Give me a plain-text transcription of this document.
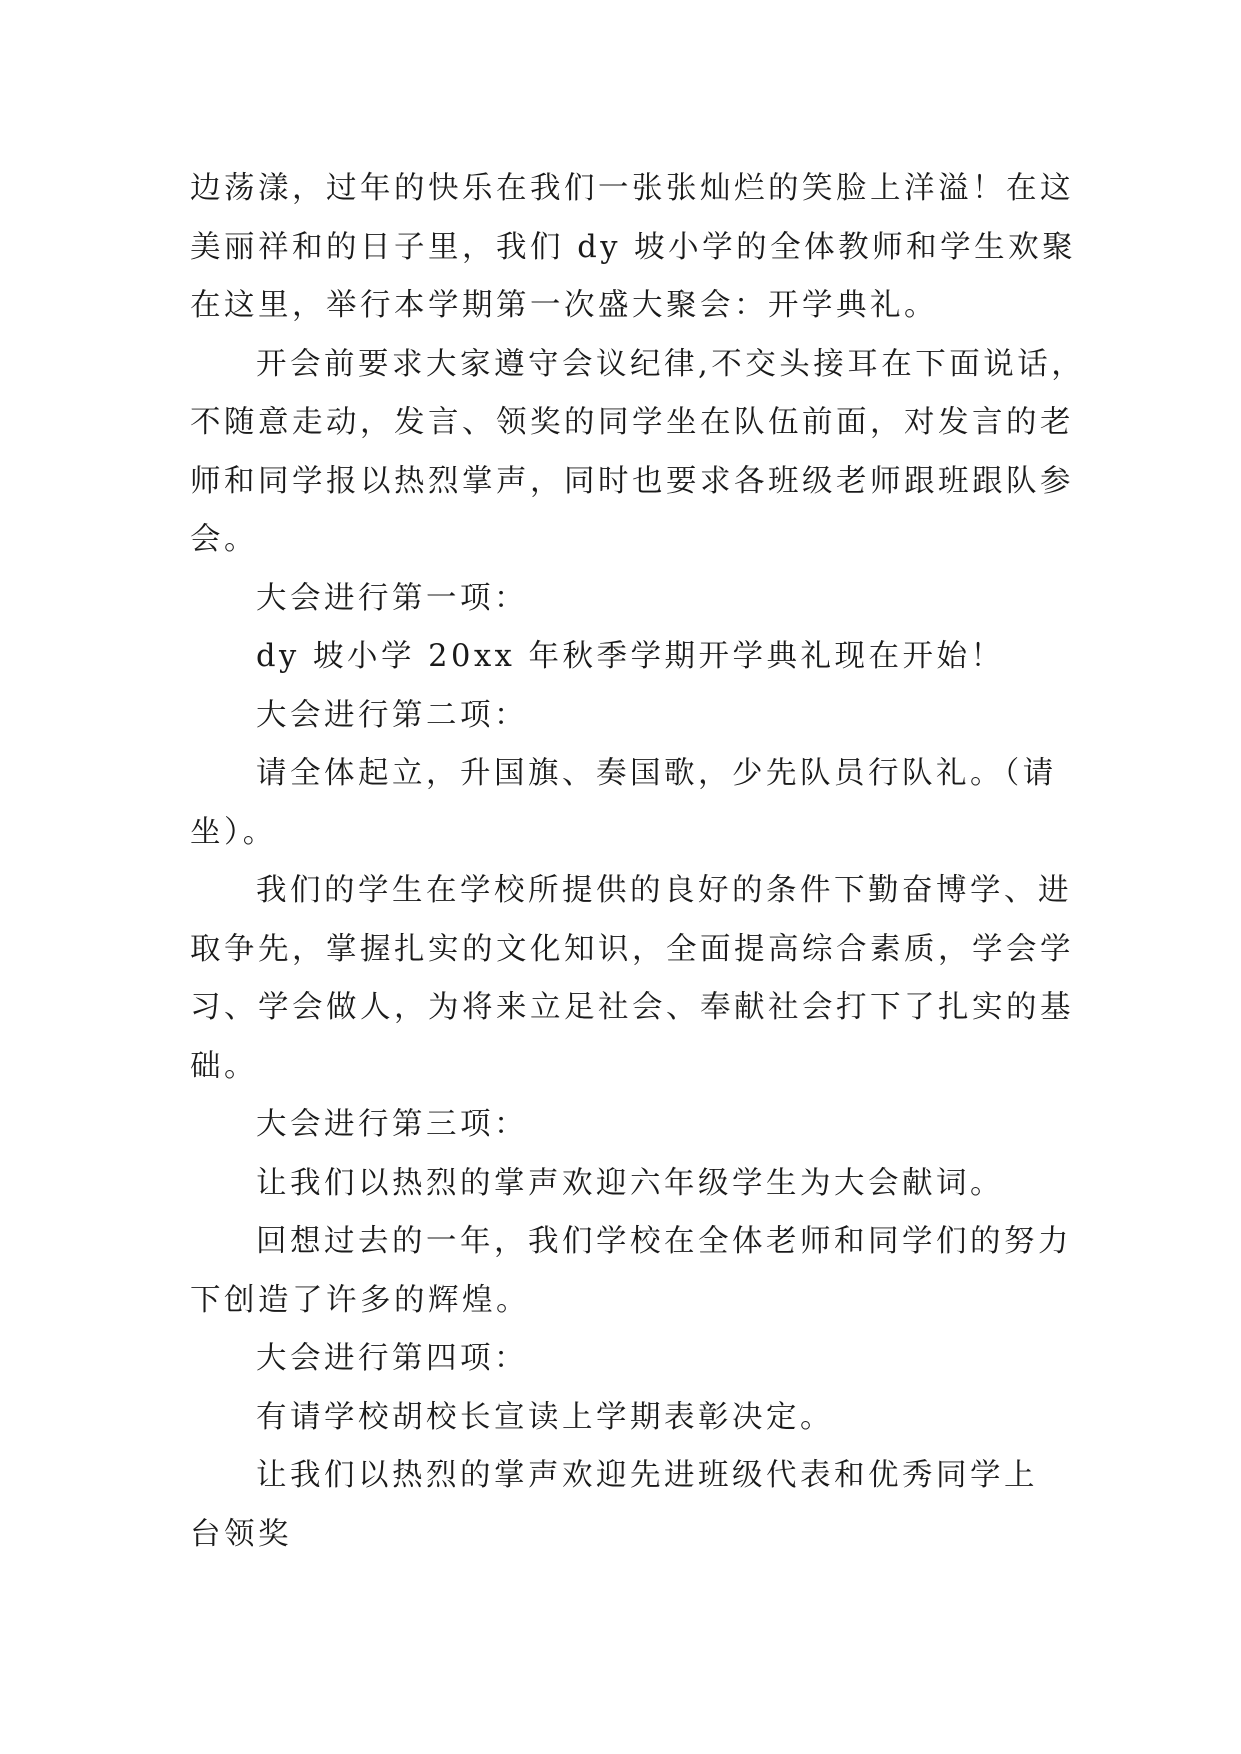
边荡漾，过年的快乐在我们一张张灿烂的笑脸上洋溢！在这
美丽祥和的日子里，我们 dy 坡小学的全体教师和学生欢聚
在这里，举行本学期第一次盛大聚会：开学典礼。
开会前要求大家遵守会议纪律,不交头接耳在下面说话，
不随意走动，发言、领奖的同学坐在队伍前面，对发言的老
师和同学报以热烈掌声，同时也要求各班级老师跟班跟队参
会。
大会进行第一项：
dy 坡小学 20xx 年秋季学期开学典礼现在开始！
大会进行第二项：
请全体起立，升国旗、奏国歌，少先队员行队礼。（请
坐）。
我们的学生在学校所提供的良好的条件下勤奋博学、进
取争先，掌握扎实的文化知识，全面提高综合素质，学会学
习、学会做人，为将来立足社会、奉献社会打下了扎实的基
础。
大会进行第三项：
让我们以热烈的掌声欢迎六年级学生为大会献词。
回想过去的一年，我们学校在全体老师和同学们的努力
下创造了许多的辉煌。
大会进行第四项：
有请学校胡校长宣读上学期表彰决定。
让我们以热烈的掌声欢迎先进班级代表和优秀同学上
台领奖
